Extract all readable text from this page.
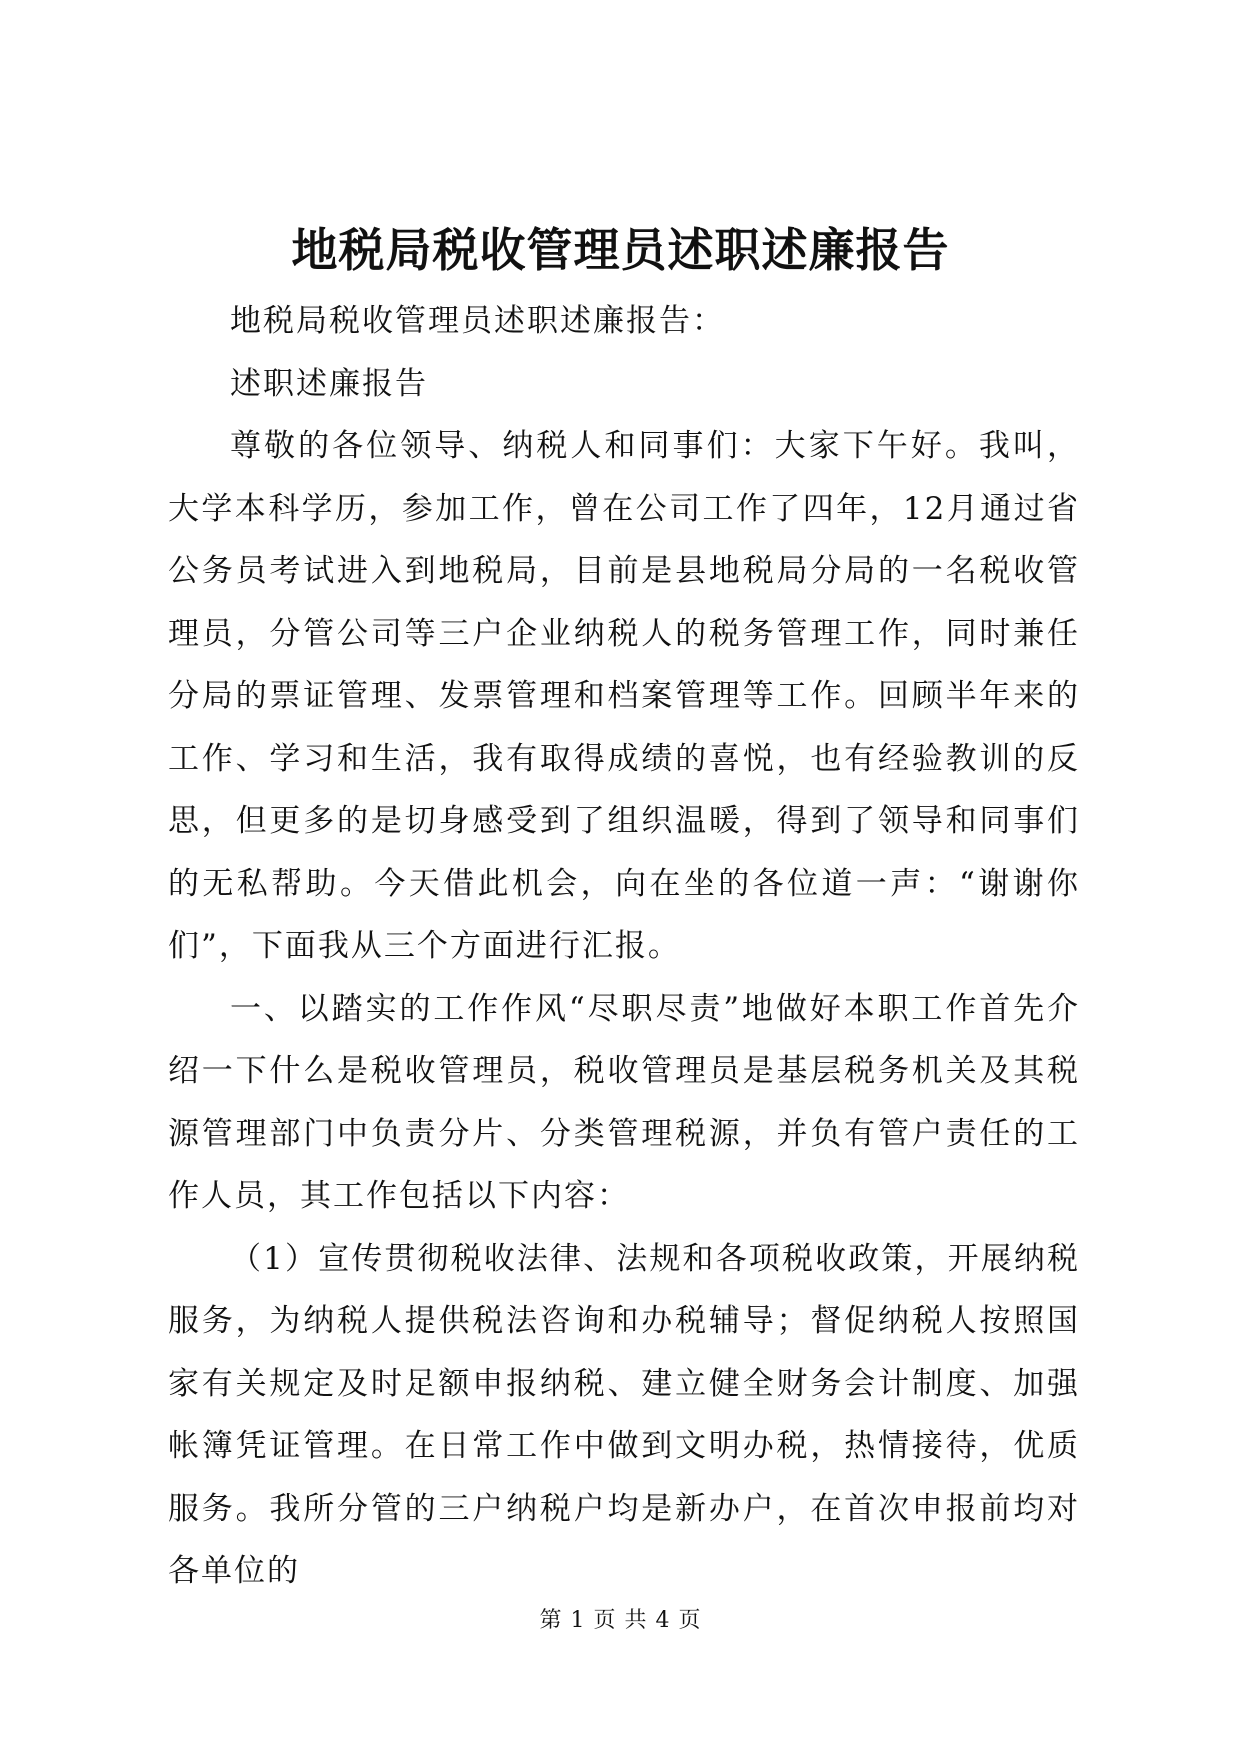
地税局税收管理员述职述廉报告

地税局税收管理员述职述廉报告：

述职述廉报告

尊敬的各位领导、纳税人和同事们：大家下午好。我叫，大学本科学历，参加工作，曾在公司工作了四年，12月通过省公务员考试进入到地税局，目前是县地税局分局的一名税收管理员，分管公司等三户企业纳税人的税务管理工作，同时兼任分局的票证管理、发票管理和档案管理等工作。回顾半年来的工作、学习和生活，我有取得成绩的喜悦，也有经验教训的反思，但更多的是切身感受到了组织温暖，得到了领导和同事们的无私帮助。今天借此机会，向在坐的各位道一声：“谢谢你们”，下面我从三个方面进行汇报。

一、以踏实的工作作风“尽职尽责”地做好本职工作首先介绍一下什么是税收管理员，税收管理员是基层税务机关及其税源管理部门中负责分片、分类管理税源，并负有管户责任的工作人员，其工作包括以下内容：

（1）宣传贯彻税收法律、法规和各项税收政策，开展纳税服务，为纳税人提供税法咨询和办税辅导；督促纳税人按照国家有关规定及时足额申报纳税、建立健全财务会计制度、加强帐簿凭证管理。在日常工作中做到文明办税，热情接待，优质服务。我所分管的三户纳税户均是新办户，在首次申报前均对各单位的

第 1 页 共 4 页
